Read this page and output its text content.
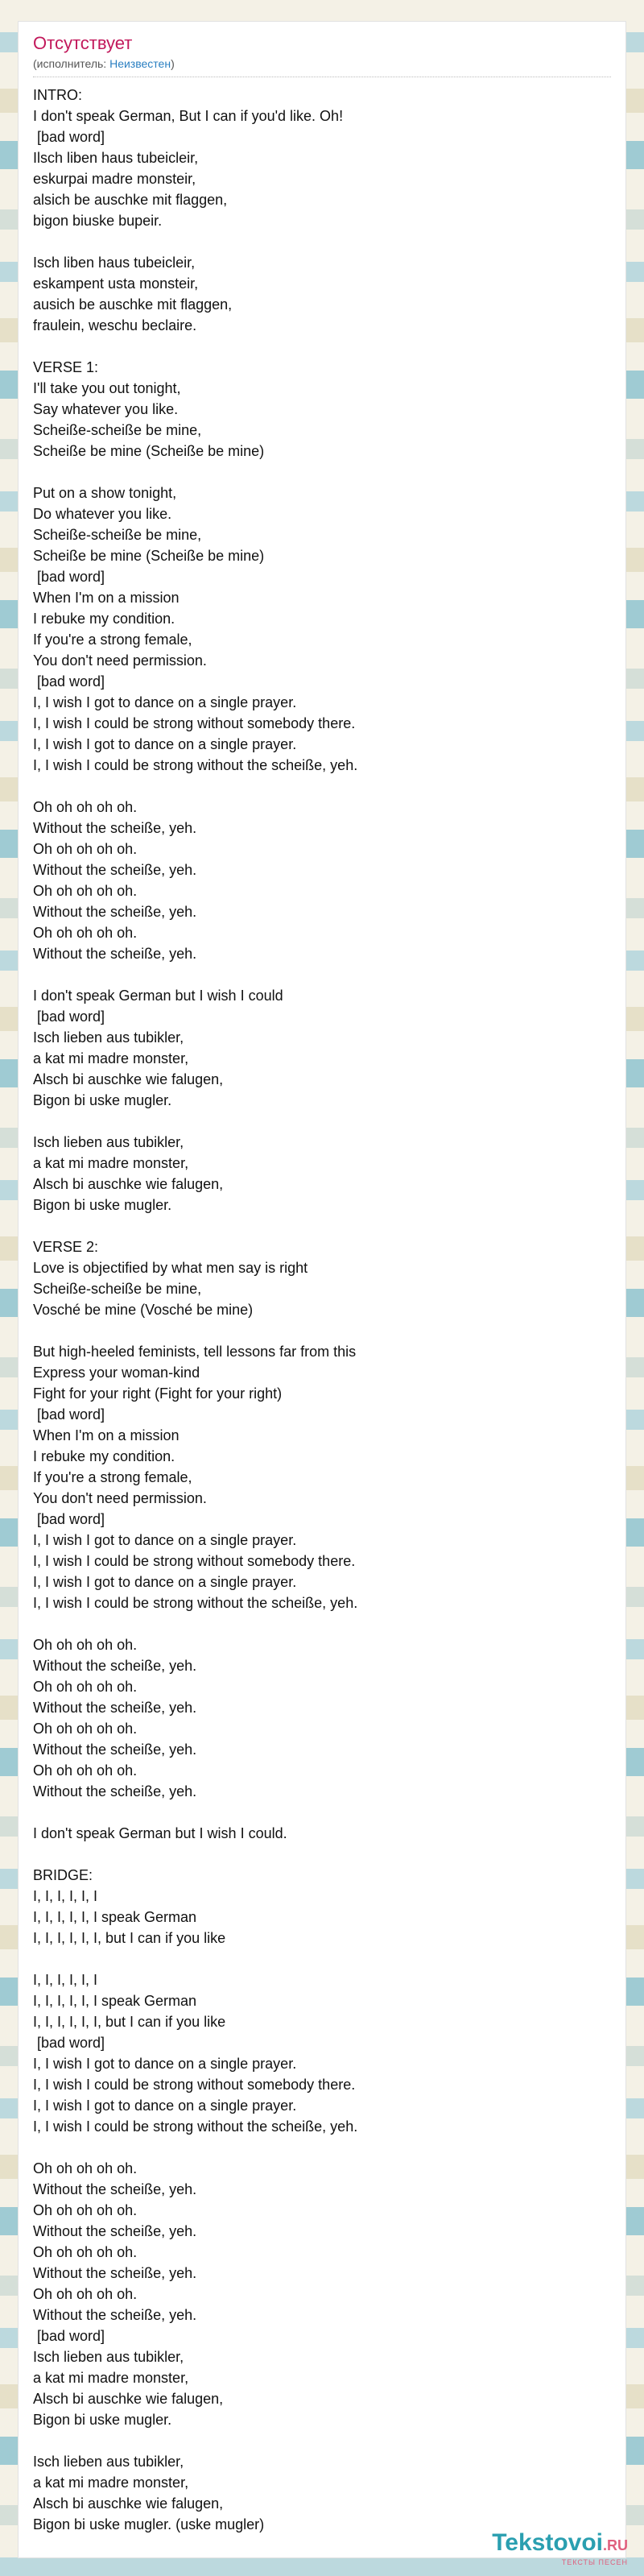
Отсутствует
(исполнитель: Неизвестен)
INTRO:
I don't speak German, But I can if you'd like. Oh!
[bad word]
Ilsch liben haus tubeicleir,
eskurpai madre monsteir,
alsich be auschke mit flaggen,
bigon biuske bupeir.
Isch liben haus tubeicleir,
eskampent usta monsteir,
ausich be auschke mit flaggen,
fraulein, weschu beclaire.
VERSE 1:
I'll take you out tonight,
Say whatever you like.
Scheiße-scheiße be mine,
Scheiße be mine (Scheiße be mine)
Put on a show tonight,
Do whatever you like.
Scheiße-scheiße be mine,
Scheiße be mine (Scheiße be mine)
[bad word]
When I'm on a mission
I rebuke my condition.
If you're a strong female,
You don't need permission.
[bad word]
I, I wish I got to dance on a single prayer.
I, I wish I could be strong without somebody there.
I, I wish I got to dance on a single prayer.
I, I wish I could be strong without the scheiße, yeh.
Oh oh oh oh oh.
Without the scheiße, yeh.
Oh oh oh oh oh.
Without the scheiße, yeh.
Oh oh oh oh oh.
Without the scheiße, yeh.
Oh oh oh oh oh.
Without the scheiße, yeh.
I don't speak German but I wish I could
[bad word]
Isch lieben aus tubikler,
a kat mi madre monster,
Alsch bi auschke wie falugen,
Bigon bi uske mugler.
Isch lieben aus tubikler,
a kat mi madre monster,
Alsch bi auschke wie falugen,
Bigon bi uske mugler.
VERSE 2:
Love is objectified by what men say is right
Scheiße-scheiße be mine,
Vosché be mine (Vosché be mine)
But high-heeled feminists, tell lessons far from this
Express your woman-kind
Fight for your right (Fight for your right)
[bad word]
When I'm on a mission
I rebuke my condition.
If you're a strong female,
You don't need permission.
[bad word]
I, I wish I got to dance on a single prayer.
I, I wish I could be strong without somebody there.
I, I wish I got to dance on a single prayer.
I, I wish I could be strong without the scheiße, yeh.
Oh oh oh oh oh.
Without the scheiße, yeh.
Oh oh oh oh oh.
Without the scheiße, yeh.
Oh oh oh oh oh.
Without the scheiße, yeh.
Oh oh oh oh oh.
Without the scheiße, yeh.
I don't speak German but I wish I could.
BRIDGE:
I, I, I, I, I, I
I, I, I, I, I, I speak German
I, I, I, I, I, I, but I can if you like
I, I, I, I, I, I
I, I, I, I, I, I speak German
I, I, I, I, I, I, but I can if you like
[bad word]
I, I wish I got to dance on a single prayer.
I, I wish I could be strong without somebody there.
I, I wish I got to dance on a single prayer.
I, I wish I could be strong without the scheiße, yeh.
Oh oh oh oh oh.
Without the scheiße, yeh.
Oh oh oh oh oh.
Without the scheiße, yeh.
Oh oh oh oh oh.
Without the scheiße, yeh.
Oh oh oh oh oh.
Without the scheiße, yeh.
[bad word]
Isch lieben aus tubikler,
a kat mi madre monster,
Alsch bi auschke wie falugen,
Bigon bi uske mugler.
Isch lieben aus tubikler,
a kat mi madre monster,
Alsch bi auschke wie falugen,
Bigon bi uske mugler. (uske mugler)
Tekstovoi.RU
ТЕКСТЫ ПЕСЕН
